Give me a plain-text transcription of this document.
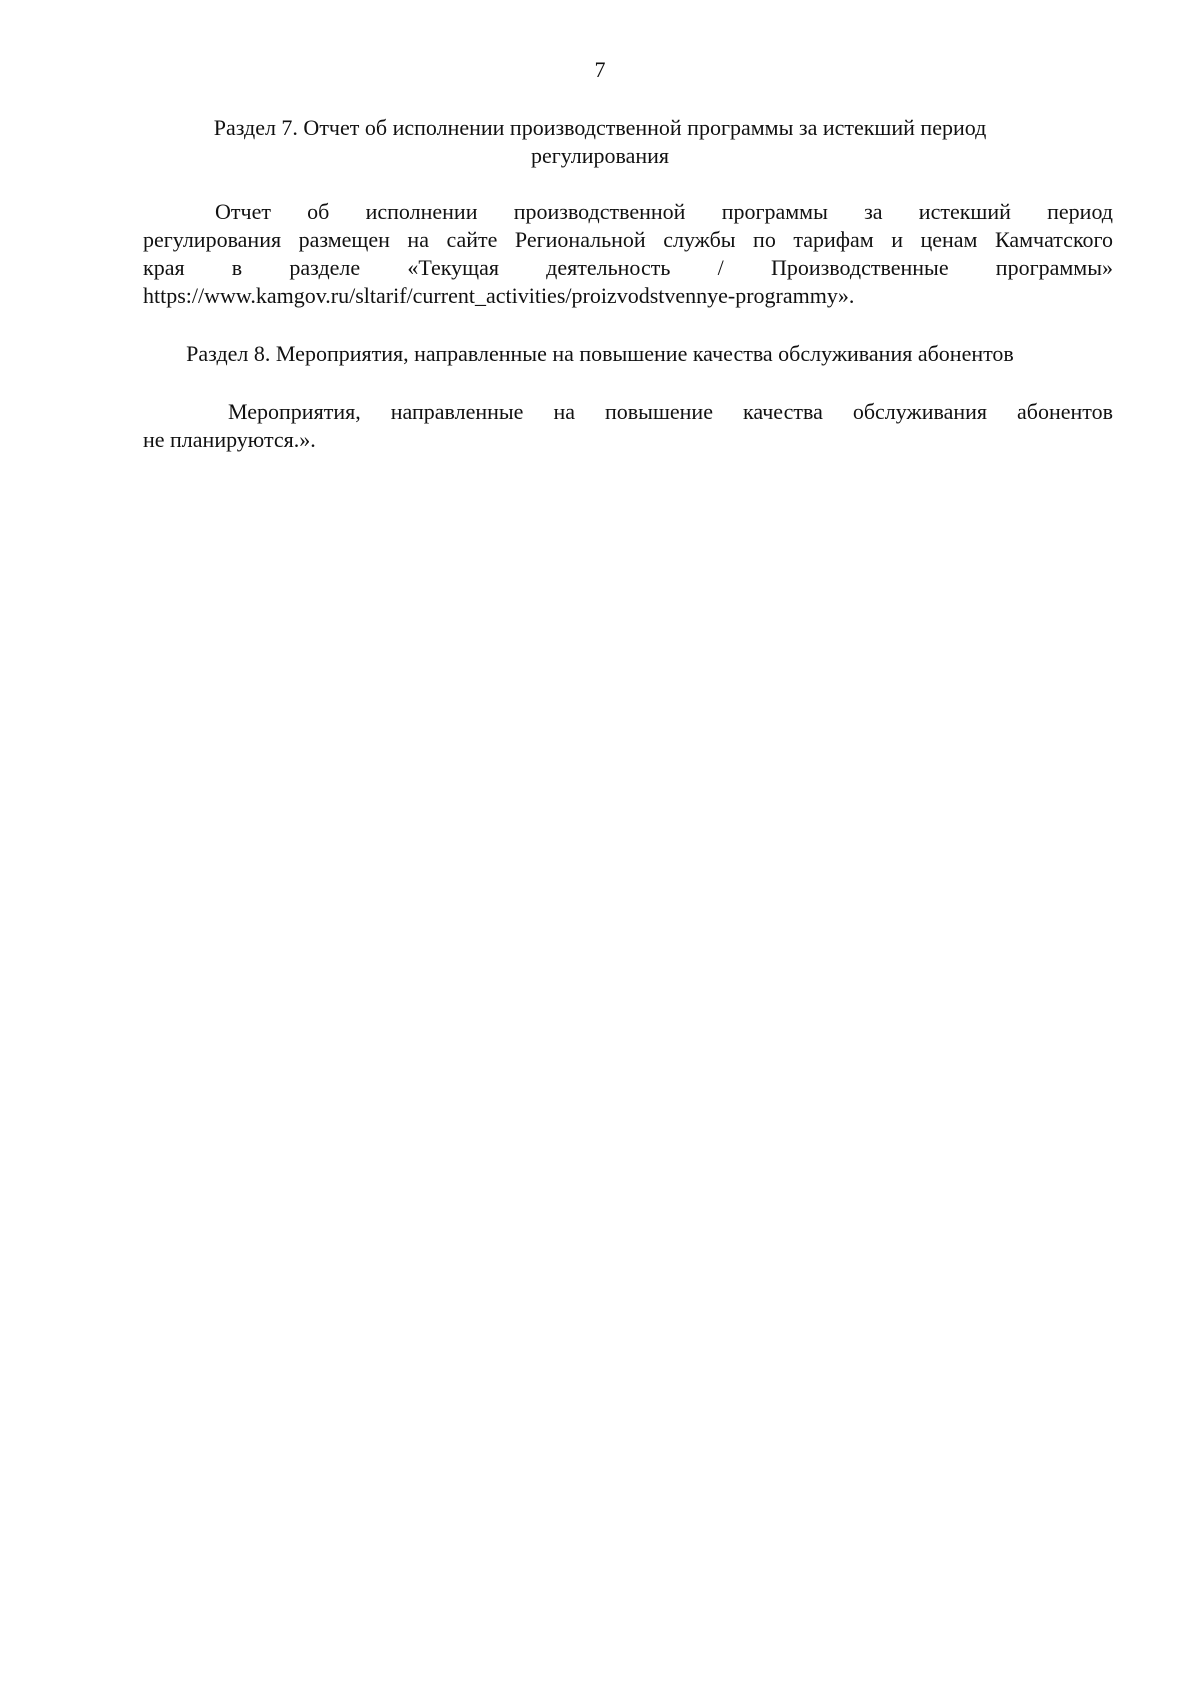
7
Раздел 7. Отчет об исполнении производственной программы за истекший период
регулирования

Отчет об исполнении производственной программы за истекший период
регулирования размещен на сайте Региональной службы по тарифам и ценам Камчатского
края в разделе «Текущая деятельность / Производственные программы»
https://www.kamgov.ru/sltarif/current_activities/proizvodstvennye-programmy».

Раздел 8. Мероприятия, направленные на повышение качества обслуживания абонентов

Мероприятия, направленные на повышение качества обслуживания абонентов
не планируются.».
